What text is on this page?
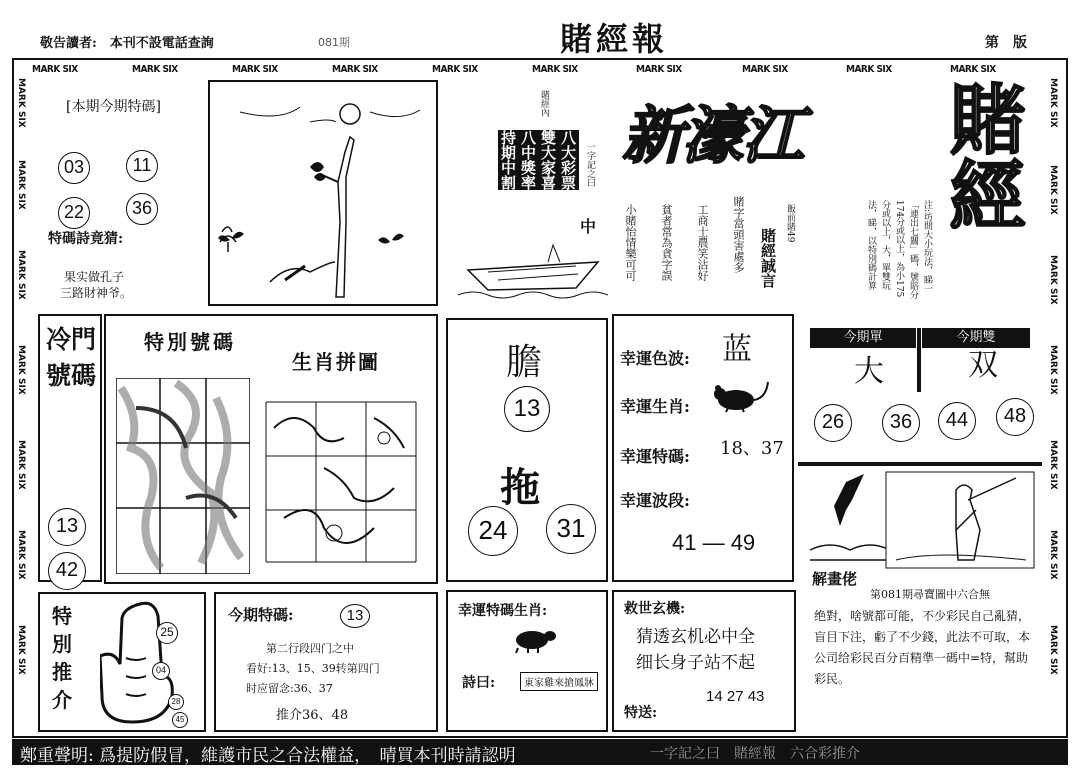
敬告讀者:　本刊不設電話查詢	081期	賭經報	第　版
MARK SIX	MARK SIX	MARK SIX	MARK SIX	MARK SIX	MARK SIX	MARK SIX	MARK SIX	MARK SIX	MARK SIX
MARK SIX
MARK SIX
MARK SIX
MARK SIX
MARK SIX
MARK SIX
MARK SIX
MARK SIX
MARK SIX
MARK SIX
MARK SIX
MARK SIX
MARK SIX
MARK SIX
[本期今期特碼]
03	11
22	36
特碼詩竟猜:
果实做孔子
三路財神爷。
賭經內
八大彩票
雙大家喜
八中獎率
持期中割	一字記之曰
中
新濠江 賭經
賭經誠言
小賭怡情樂可可 貧者常為貪字誤 工商士農笑沾好 賭字當頭害處多	飯前賭49	注:坊間大小玩法，睇一「連出七關」碼，號賠分174分或以上，為小175分或以上，大，單雙玩法，睇，以特別碼計算
冷門號碼
13
42
特別號碼
生肖拼圖	膽
13
拖
24	31
幸運色波: 蓝
幸運生肖:
幸運特碼: 18、37
幸運波段:
41 — 49
今期單	今期雙
大	双
26	36	44	48
解畫佬
第081期尋寶圖中六合無
绝對，啥號都可能，不少彩民自己亂猜，盲目下注，虧了不少錢，此法不可取，本公司给彩民百分百精準一碼中=特，幫助彩民。
特別推介
25
04
28
45
今期特碼:	13
第二行段四门之中
看好:13、15、39转第四门
时应留念:36、37
推介36、48
幸運特碼生肖:
詩曰:	東家雞來搶鳳牀
救世玄機:
猜透玄机必中全
细长身子站不起
特送:
14 27 43
鄭重聲明: 爲提防假冒，維護市民之合法權益，　晴買本刊時請認明	一字記之曰　賭經報　六合彩推介
